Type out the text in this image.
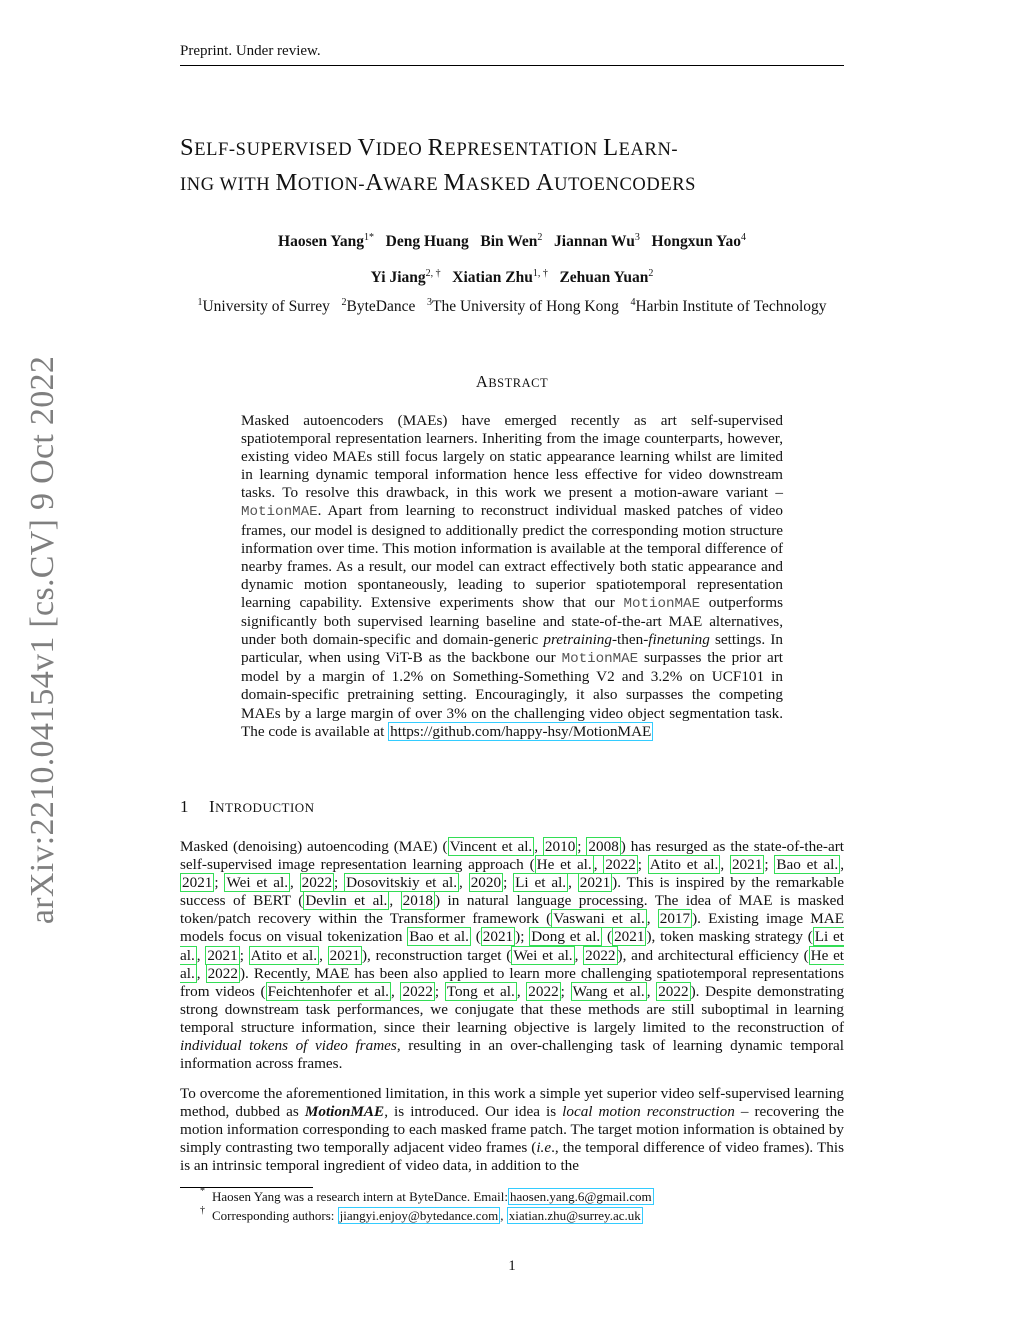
Preprint. Under review.
arXiv:2210.04154v1 [cs.CV] 9 Oct 2022
SELF-SUPERVISED VIDEO REPRESENTATION LEARN-
ING WITH MOTION-AWARE MASKED AUTOENCODERS
Haosen Yang$^{1*}$ Deng Huang Bin Wen$^2$ Jiannan Wu$^3$ Hongxun Yao$^4$
Yi Jiang$^{2, \dagger}$ Xiatian Zhu$^{1, \dagger}$ Zehuan Yuan$^2$
$^1$University of Surrey $^2$ByteDance $^3$The University of Hong Kong $^4$Harbin Institute of Technology
ABSTRACT
Masked autoencoders (MAEs) have emerged recently as art self-supervised spatiotemporal representation learners. Inheriting from the image counterparts, however, existing video MAEs still focus largely on static appearance learning whilst are limited in learning dynamic temporal information hence less effective for video downstream tasks. To resolve this drawback, in this work we present a motion-aware variant – MotionMAE. Apart from learning to reconstruct individual masked patches of video frames, our model is designed to additionally predict the corresponding motion structure information over time. This motion information is available at the temporal difference of nearby frames. As a result, our model can extract effectively both static appearance and dynamic motion spontaneously, leading to superior spatiotemporal representation learning capability. Extensive experiments show that our MotionMAE outperforms significantly both supervised learning baseline and state-of-the-art MAE alternatives, under both domain-specific and domain-generic pretraining-then-finetuning settings. In particular, when using ViT-B as the backbone our MotionMAE surpasses the prior art model by a margin of 1.2% on Something-Something V2 and 3.2% on UCF101 in domain-specific pretraining setting. Encouragingly, it also surpasses the competing MAEs by a large margin of over 3% on the challenging video object segmentation task. The code is available at https://github.com/happy-hsy/MotionMAE
1 INTRODUCTION
Masked (denoising) autoencoding (MAE) ( Vincent et al. , 2010 ; 2008 ) has resurged as the state-of-the-art self-supervised image representation learning approach ( He et al. , 2022 ; Atito et al. , 2021 ; Bao et al. , 2021 ; Wei et al. , 2022 ; Dosovitskiy et al. , 2020 ; Li et al. , 2021 ). This is inspired by the remarkable success of BERT ( Devlin et al. , 2018 ) in natural language processing. The idea of MAE is masked token/patch recovery within the Transformer framework ( Vaswani et al. , 2017 ). Existing image MAE models focus on visual tokenization Bao et al. ( 2021 ); Dong et al. ( 2021 ), token masking strategy ( Li et al. , 2021 ; Atito et al. , 2021 ), reconstruction target ( Wei et al. , 2022 ), and architectural efficiency ( He et al. , 2022 ). Recently, MAE has been also applied to learn more challenging spatiotemporal representations from videos ( Feichtenhofer et al. , 2022 ; Tong et al. , 2022 ; Wang et al. , 2022 ). Despite demonstrating strong downstream task performances, we conjugate that these methods are still suboptimal in learning temporal structure information, since their learning objective is largely limited to the reconstruction of individual tokens of video frames, resulting in an over-challenging task of learning dynamic temporal information across frames.
To overcome the aforementioned limitation, in this work a simple yet superior video self-supervised learning method, dubbed as MotionMAE, is introduced. Our idea is local motion reconstruction – recovering the motion information corresponding to each masked frame patch. The target motion information is obtained by simply contrasting two temporally adjacent video frames (i.e., the temporal difference of video frames). This is an intrinsic temporal ingredient of video data, in addition to the
* Haosen Yang was a research intern at ByteDance. Email: haosen.yang.6@gmail.com
† Corresponding authors: jiangyi.enjoy@bytedance.com , xiatian.zhu@surrey.ac.uk
1
